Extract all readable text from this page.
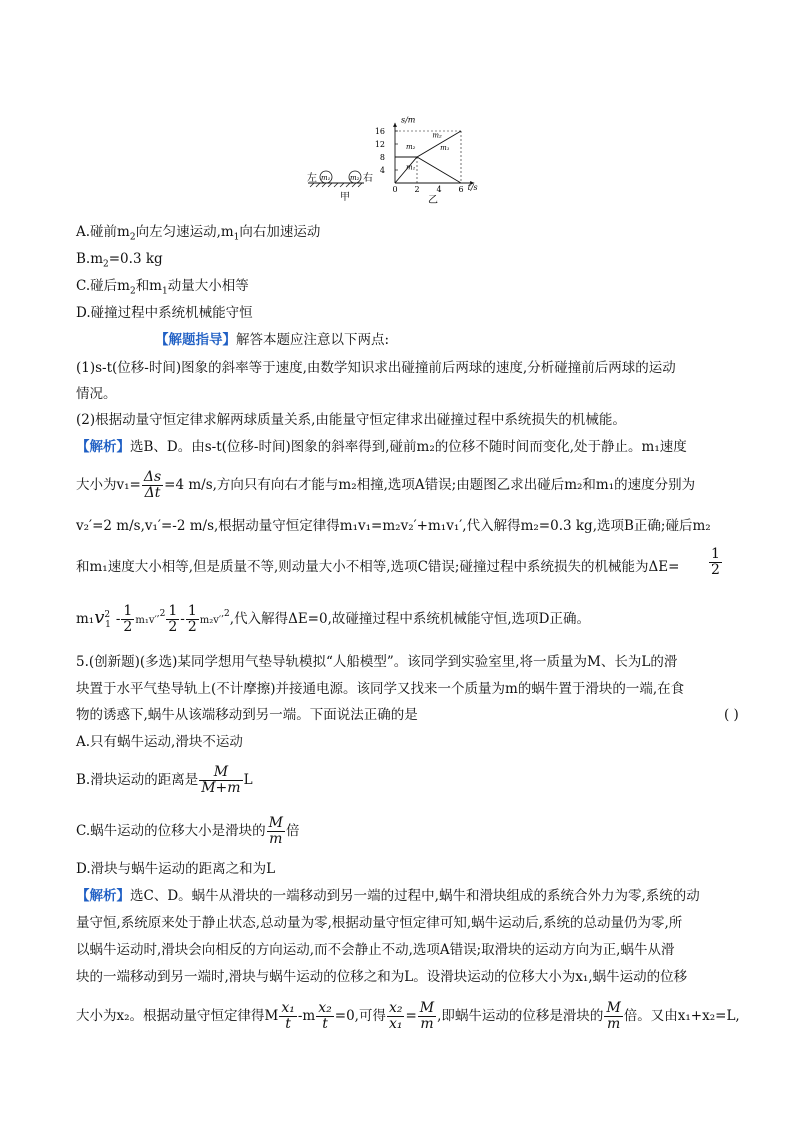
左 m₁	m₂ 右
甲
s/m
t/s
16
12
8
4
0 2 4 6
m₂
m₂
m₁
m₁
乙
A.碰前$m_2$向左匀速运动$,m_1$向右加速运动
$B.m_2=0.3$ kg
C.碰后$m_2$和$m_1$动量大小相等
D.碰撞过程中系统机械能守恒
【解题指导】解答本题应注意以下两点:
(1)s-t(位移-时间)图象的斜率等于速度,由数学知识求出碰撞前后两球的速度,分析碰撞前后两球的运动
情况。
(2)根据动量守恒定律求解两球质量关系,由能量守恒定律求出碰撞过程中系统损失的机械能。
【解析】选B、D。由s-t(位移-时间)图象的斜率得到,碰前m₂的位移不随时间而变化,处于静止。m₁速度
大小为$v_1= \frac{\Delta s}{\Delta t} =4$ m/s,方向只有向右才能与m₂相撞,选项A错误;由题图乙求出碰后m₂和m₁的速度分别为
v₂′=2 m/s,v₁′=-2 m/s,根据动量守恒定律得m₁v₁=m₂v₂′+m₁v₁′,代入解得m₂=0.3 kg,选项B正确;碰后m₂
和m₁速度大小相等,但是质量不等,则动量大小不相等,选项C错误;碰撞过程中系统损失的机械能为$\Delta E= \frac{1}{2}$
$m_1v^2_1 - \frac{1}{2} m_1v'^{,2} \frac{1}{2} - \frac{1}{2} m_2v'^{,2}$,代入解得ΔE=0,故碰撞过程中系统机械能守恒,选项D正确。
5.(创新题)(多选)某同学想用气垫导轨模拟“人船模型”。该同学到实验室里,将一质量为M、长为L的滑
块置于水平气垫导轨上(不计摩擦)并接通电源。该同学又找来一个质量为m的蜗牛置于滑块的一端,在食
物的诱惑下,蜗牛从该端移动到另一端。下面说法正确的是	( )
A.只有蜗牛运动,滑块不运动
B.滑块运动的距离是 $\frac{M}{M+m}$ L
C.蜗牛运动的位移大小是滑块的 $\frac{M}{m}$ 倍
D.滑块与蜗牛运动的距离之和为L
【解析】选C、D。蜗牛从滑块的一端移动到另一端的过程中,蜗牛和滑块组成的系统合外力为零,系统的动
量守恒,系统原来处于静止状态,总动量为零,根据动量守恒定律可知,蜗牛运动后,系统的总动量仍为零,所
以蜗牛运动时,滑块会向相反的方向运动,而不会静止不动,选项A错误;取滑块的运动方向为正,蜗牛从滑
块的一端移动到另一端时,滑块与蜗牛运动的位移之和为L。设滑块运动的位移大小为x₁,蜗牛运动的位移
大小为x₂。根据动量守恒定律得M $\frac{\text{x₁}}{t} -m \frac{\text{x₂}}{t} =0$,可得 $\frac{\text{x₂}}{\text{x₁}} = \frac{M}{m}$ ,即蜗牛运动的位移是滑块的 $\frac{M}{m}$ 倍。又由x₁+x₂=L,
